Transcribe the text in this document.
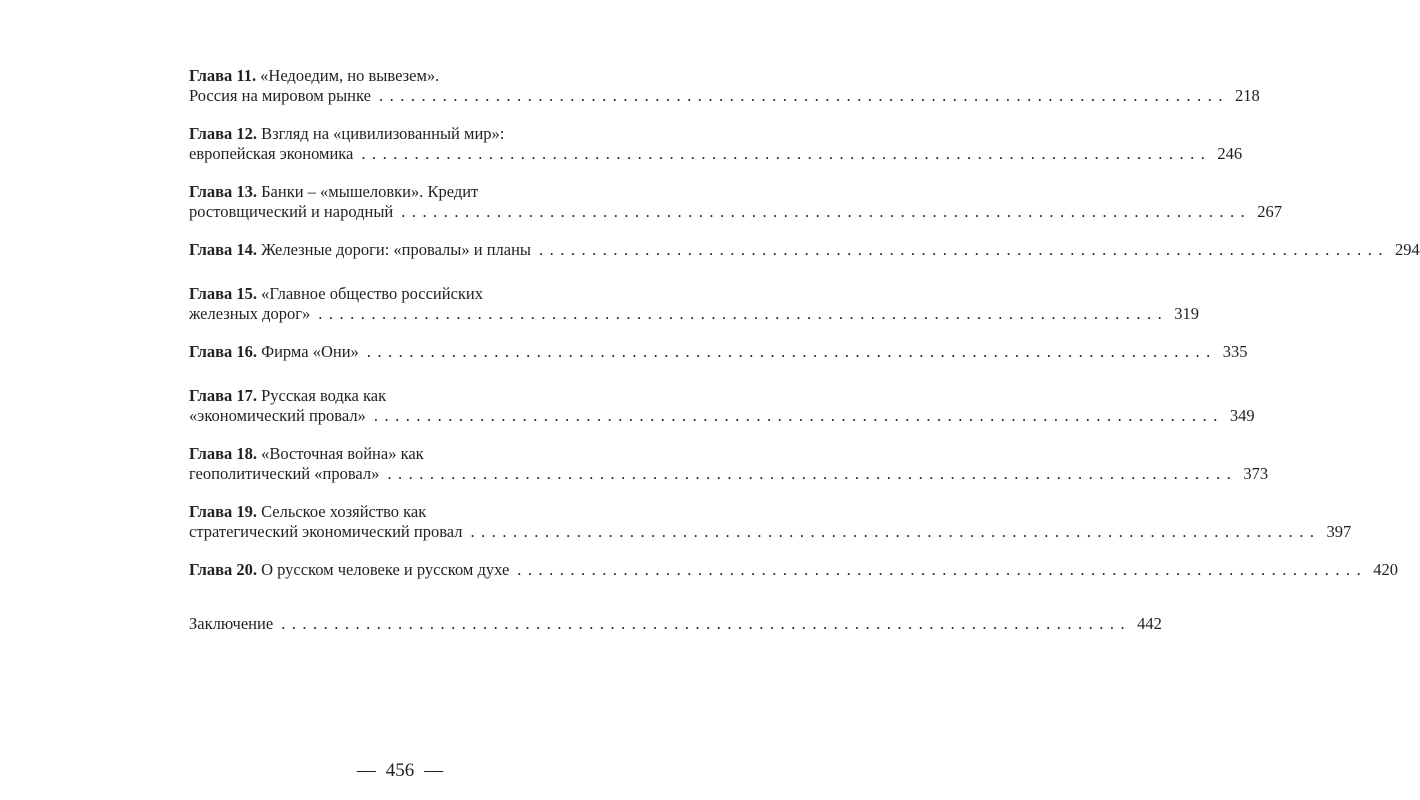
Глава 11. «Недоедим, но вывезем».
Россия на мировом рынке ................................................................................ 218
Глава 12. Взгляд на «цивилизованный мир»:
европейская экономика ................................................................................ 246
Глава 13. Банки – «мышеловки». Кредит
ростовщический и народный ................................................................................ 267
Глава 14. Железные дороги: «провалы» и планы ................................................................................ 294
Глава 15. «Главное общество российских
железных дорог» ................................................................................ 319
Глава 16. Фирма «Они» ................................................................................ 335
Глава 17. Русская водка как
«экономический провал» ................................................................................ 349
Глава 18. «Восточная война» как
геополитический «провал» ................................................................................ 373
Глава 19. Сельское хозяйство как
стратегический экономический провал ................................................................................ 397
Глава 20. О русском человеке и русском духе ................................................................................ 420
Заключение ................................................................................ 442
— 456 —
